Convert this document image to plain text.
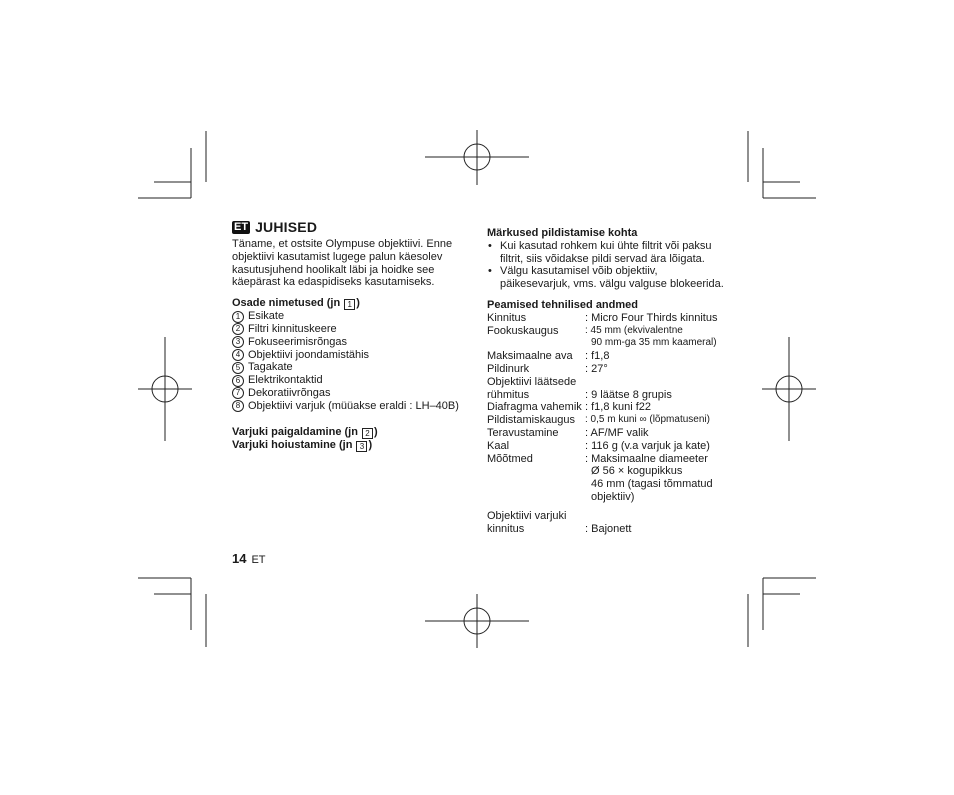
ET JUHISED

Täname, et ostsite Olympuse objektiivi. Enne objektiivi kasutamist lugege palun käesolev kasutusjuhend hoolikalt läbi ja hoidke see käepärast ka edaspidiseks kasutamiseks.

Osade nimetused (jn 1 )
1 Esikate
2 Filtri kinnituskeere
3 Fokuseerimisrõngas
4 Objektiivi joondamistähis
5 Tagakate
6 Elektrikontaktid
7 Dekoratiivrõngas
8 Objektiivi varjuk (müüakse eraldi : LH–40B)
Varjuki paigaldamine (jn 2 )
Varjuki hoiustamine (jn 3 )
Märkused pildistamise kohta
• Kui kasutad rohkem kui ühte filtrit või paksu filtrit, siis võidakse pildi servad ära lõigata.
• Välgu kasutamisel võib objektiiv, päikesevarjuk, vms. välgu valguse blokeerida.
Peamised tehnilised andmed
Kinnitus	: Micro Four Thirds kinnitus
Fookuskaugus	: 45 mm (ekvivalentne
90 mm-ga 35 mm kaameral)
Maksimaalne ava	: f1,8
Pildinurk	: 27°
Objektiivi läätsede
rühmitus	: 9 läätse 8 grupis
Diafragma vahemik : f1,8 kuni f22
Pildistamiskaugus : 0,5 m kuni ∞ (lõpmatuseni)
Teravustamine	: AF/MF valik
Kaal	: 116 g (v.a varjuk ja kate)
Mõõtmed	: Maksimaalne diameeter
Ø 56 × kogupikkus
46 mm (tagasi tõmmatud
objektiiv)
Objektiivi varjuki
kinnitus	: Bajonett
14 ET
